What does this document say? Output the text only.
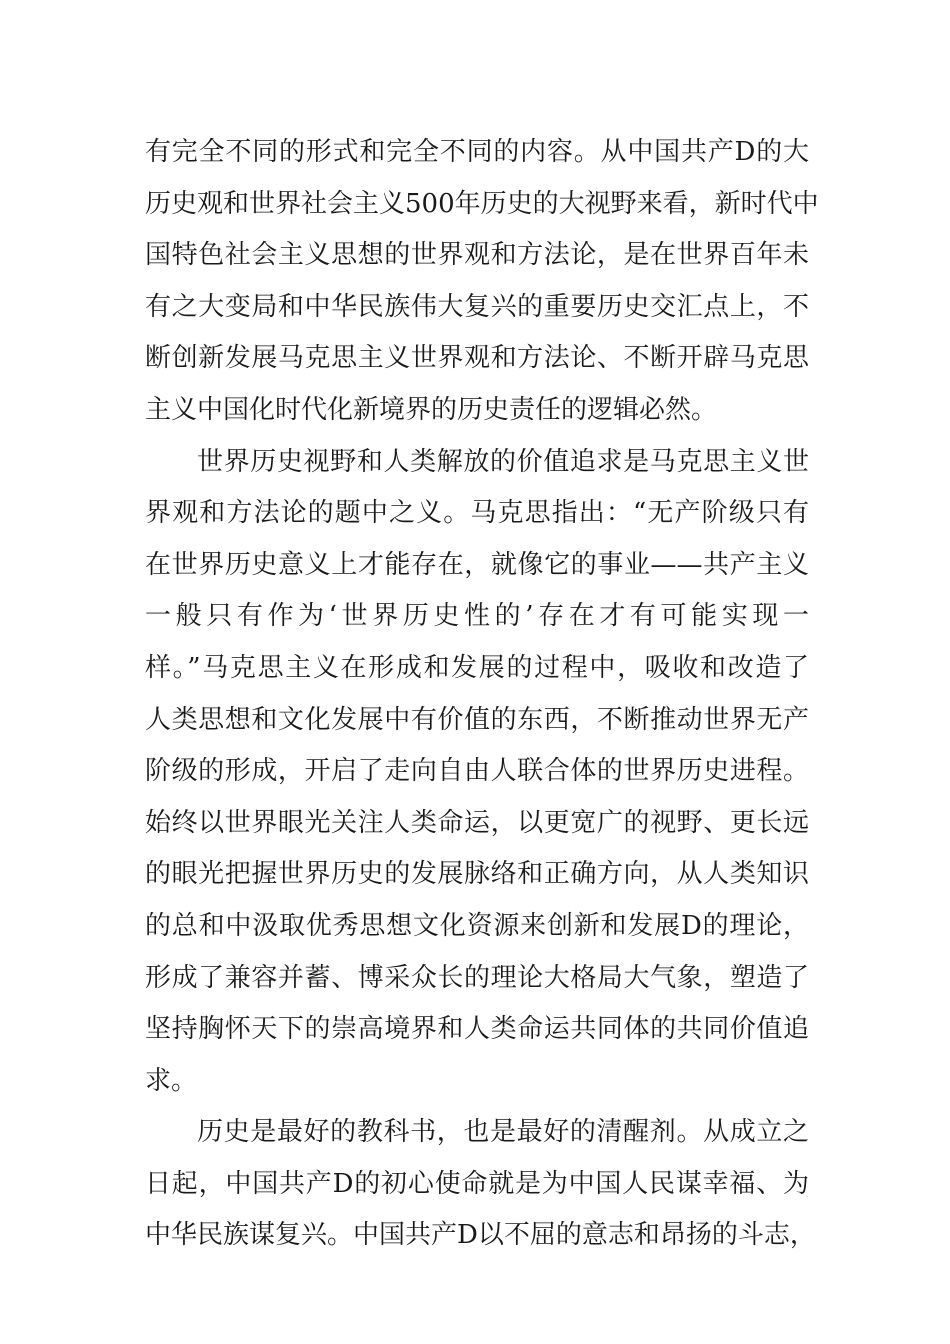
有完全不同的形式和完全不同的内容。从中国共产D的大
历史观和世界社会主义500年历史的大视野来看，新时代中
国特色社会主义思想的世界观和方法论，是在世界百年未
有之大变局和中华民族伟大复兴的重要历史交汇点上，不
断创新发展马克思主义世界观和方法论、不断开辟马克思
主义中国化时代化新境界的历史责任的逻辑必然。
世界历史视野和人类解放的价值追求是马克思主义世
界观和方法论的题中之义。马克思指出：“无产阶级只有
在世界历史意义上才能存在，就像它的事业——共产主义
一般只有作为‘世界历史性的’存在才有可能实现一
样。”马克思主义在形成和发展的过程中，吸收和改造了
人类思想和文化发展中有价值的东西，不断推动世界无产
阶级的形成，开启了走向自由人联合体的世界历史进程。
始终以世界眼光关注人类命运，以更宽广的视野、更长远
的眼光把握世界历史的发展脉络和正确方向，从人类知识
的总和中汲取优秀思想文化资源来创新和发展D的理论，
形成了兼容并蓄、博采众长的理论大格局大气象，塑造了
坚持胸怀天下的崇高境界和人类命运共同体的共同价值追
求。
历史是最好的教科书，也是最好的清醒剂。从成立之
日起，中国共产D的初心使命就是为中国人民谋幸福、为
中华民族谋复兴。中国共产D以不屈的意志和昂扬的斗志，
